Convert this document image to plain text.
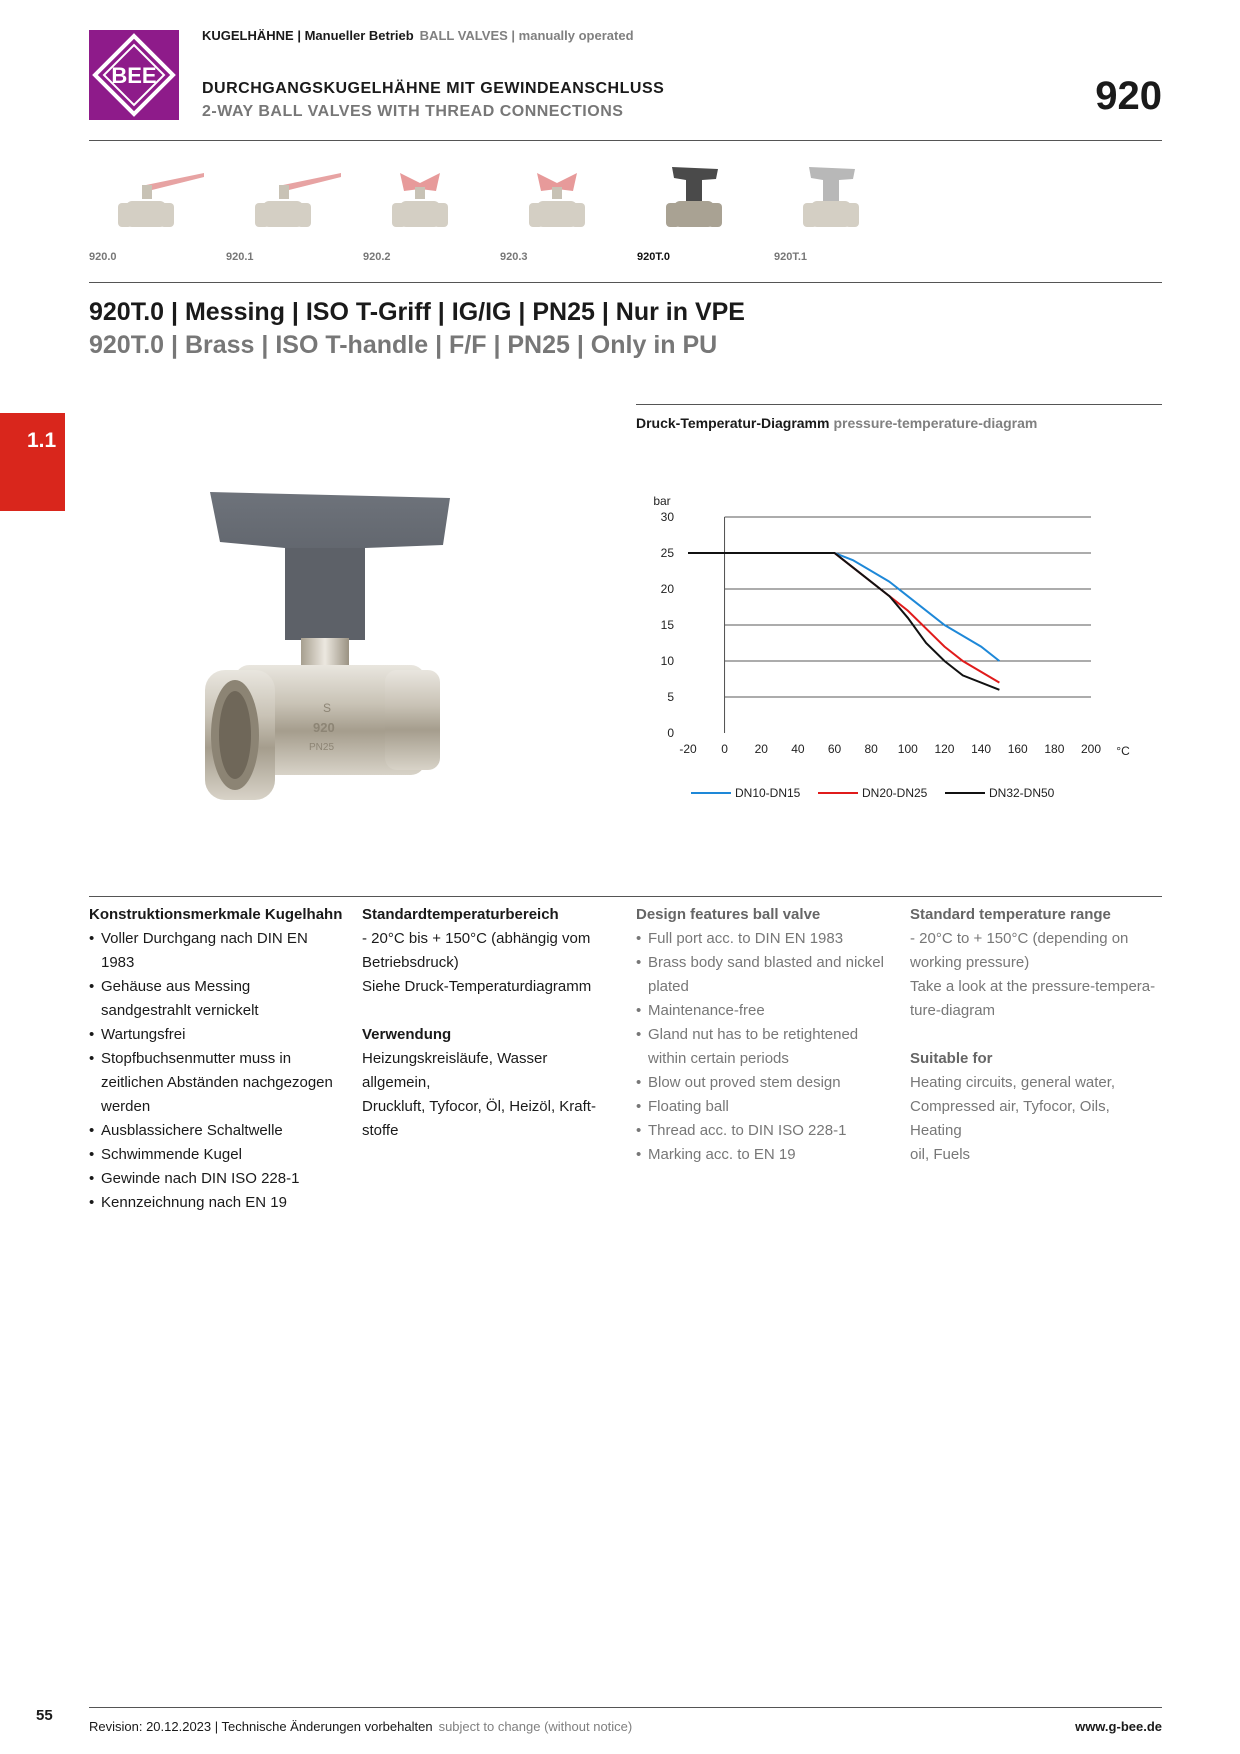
BEE
KUGELHÄHNE | Manueller Betrieb BALL VALVES | manually operated
DURCHGANGSKUGELHÄHNE MIT GEWINDEANSCHLUSS
2-WAY BALL VALVES WITH THREAD CONNECTIONS	920
920.0	920.1	920.2	920.3	920T.0	920T.1
920T.0 | Messing | ISO T-Griff | IG/IG | PN25 | Nur in VPE
920T.0 | Brass | ISO T-handle | F/F | PN25 | Only in PU
1.1
S
920
PN25
Druck-Temperatur-Diagramm pressure-temperature-diagram
0
5
10
15
20
25
30
-20 0 20 40 60 80 100 120 140 160 180 200
bar
°C
DN10-DN15	DN20-DN25	DN32-DN50
Konstruktionsmerkmale Kugelhahn
• Voller Durchgang nach DIN EN 1983
• Gehäuse aus Messing sandgestrahlt vernickelt
• Wartungsfrei
• Stopfbuchsenmutter muss in zeitlichen Abständen nachgezogen werden
• Ausblassichere Schaltwelle
• Schwimmende Kugel
• Gewinde nach DIN ISO 228-1
• Kennzeichnung nach EN 19
Standardtemperaturbereich

- 20°C bis + 150°C (abhängig vom

Betriebsdruck)

Siehe Druck-Temperaturdiagramm

Verwendung

Heizungskreisläufe, Wasser allgemein,

Druckluft, Tyfocor, Öl, Heizöl, Kraft-

stoffe

Design features ball valve
• Full port acc. to DIN EN 1983
• Brass body sand blasted and nickel plated
• Maintenance-free
• Gland nut has to be retightened within certain periods
• Blow out proved stem design
• Floating ball
• Thread acc. to DIN ISO 228-1
• Marking acc. to EN 19
Standard temperature range

- 20°C to + 150°C (depending on

working pressure)

Take a look at the pressure-tempera-

ture-diagram

Suitable for

Heating circuits, general water,

Compressed air, Tyfocor, Oils, Heating

oil, Fuels

55
Revision: 20.12.2023 | Technische Änderungen vorbehalten subject to change (without notice)	www.g-bee.de
